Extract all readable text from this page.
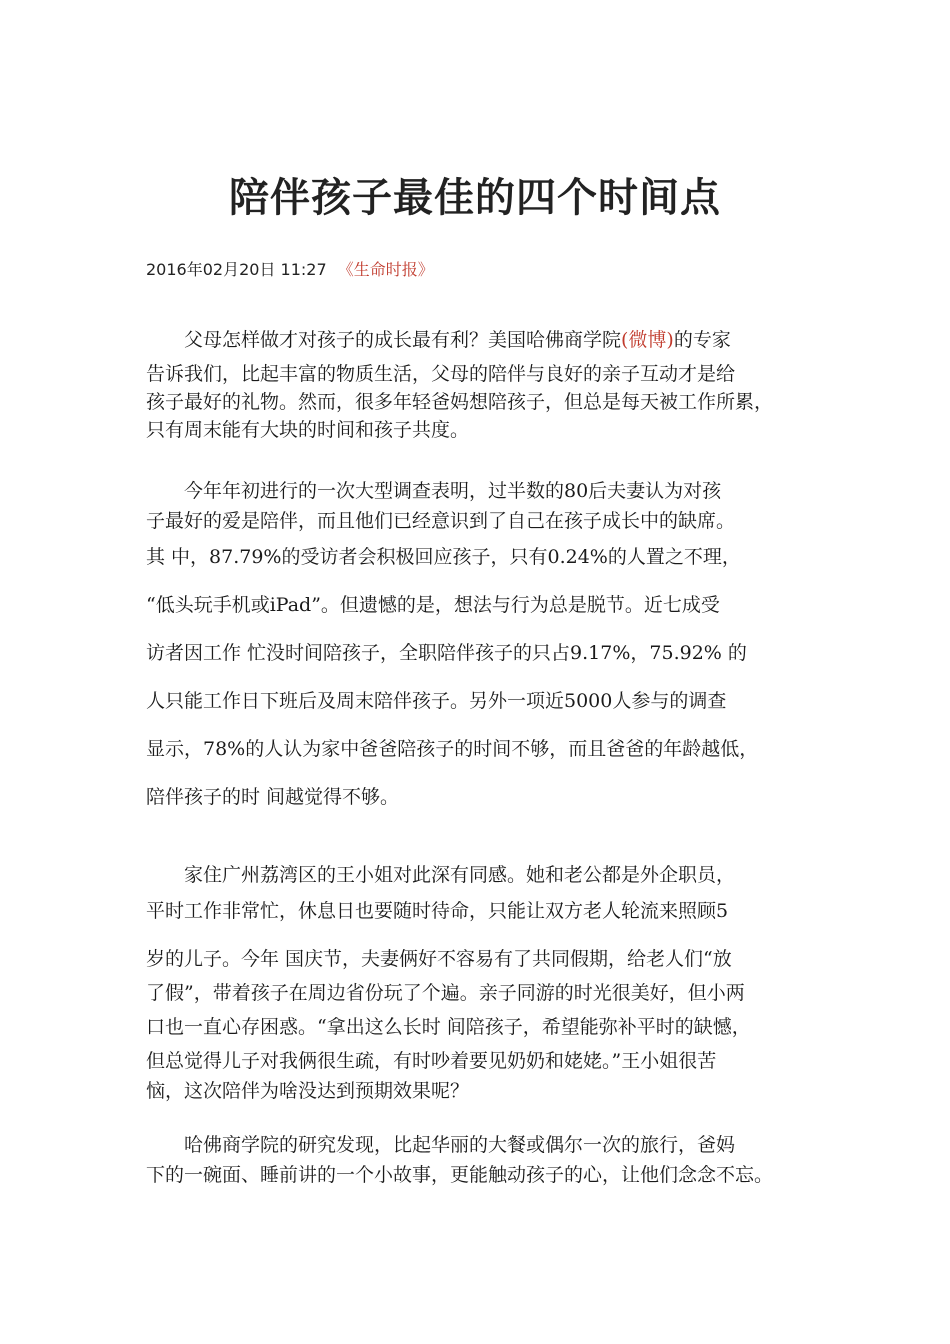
陪伴孩子最佳的四个时间点
2016年02月20日 11:27 《生命时报》
父母怎样做才对孩子的成长最有利？美国哈佛商学院(微博)的专家
告诉我们，比起丰富的物质生活，父母的陪伴与良好的亲子互动才是给
孩子最好的礼物。然而，很多年轻爸妈想陪孩子，但总是每天被工作所累，
只有周末能有大块的时间和孩子共度。
今年年初进行的一次大型调查表明，过半数的80后夫妻认为对孩
子最好的爱是陪伴，而且他们已经意识到了自己在孩子成长中的缺席。
其 中，87.79%的受访者会积极回应孩子，只有0.24%的人置之不理，
“低头玩手机或iPad”。但遗憾的是，想法与行为总是脱节。近七成受
访者因工作 忙没时间陪孩子，全职陪伴孩子的只占9.17%，75.92% 的
人只能工作日下班后及周末陪伴孩子。另外一项近5000人参与的调查
显示，78%的人认为家中爸爸陪孩子的时间不够，而且爸爸的年龄越低，
陪伴孩子的时 间越觉得不够。
家住广州荔湾区的王小姐对此深有同感。她和老公都是外企职员，
平时工作非常忙，休息日也要随时待命，只能让双方老人轮流来照顾5
岁的儿子。今年 国庆节，夫妻俩好不容易有了共同假期，给老人们“放
了假”，带着孩子在周边省份玩了个遍。亲子同游的时光很美好，但小两
口也一直心存困惑。“拿出这么长时 间陪孩子，希望能弥补平时的缺憾，
但总觉得儿子对我俩很生疏，有时吵着要见奶奶和姥姥。”王小姐很苦
恼，这次陪伴为啥没达到预期效果呢？
哈佛商学院的研究发现，比起华丽的大餐或偶尔一次的旅行，爸妈
下的一碗面、睡前讲的一个小故事，更能触动孩子的心，让他们念念不忘。
